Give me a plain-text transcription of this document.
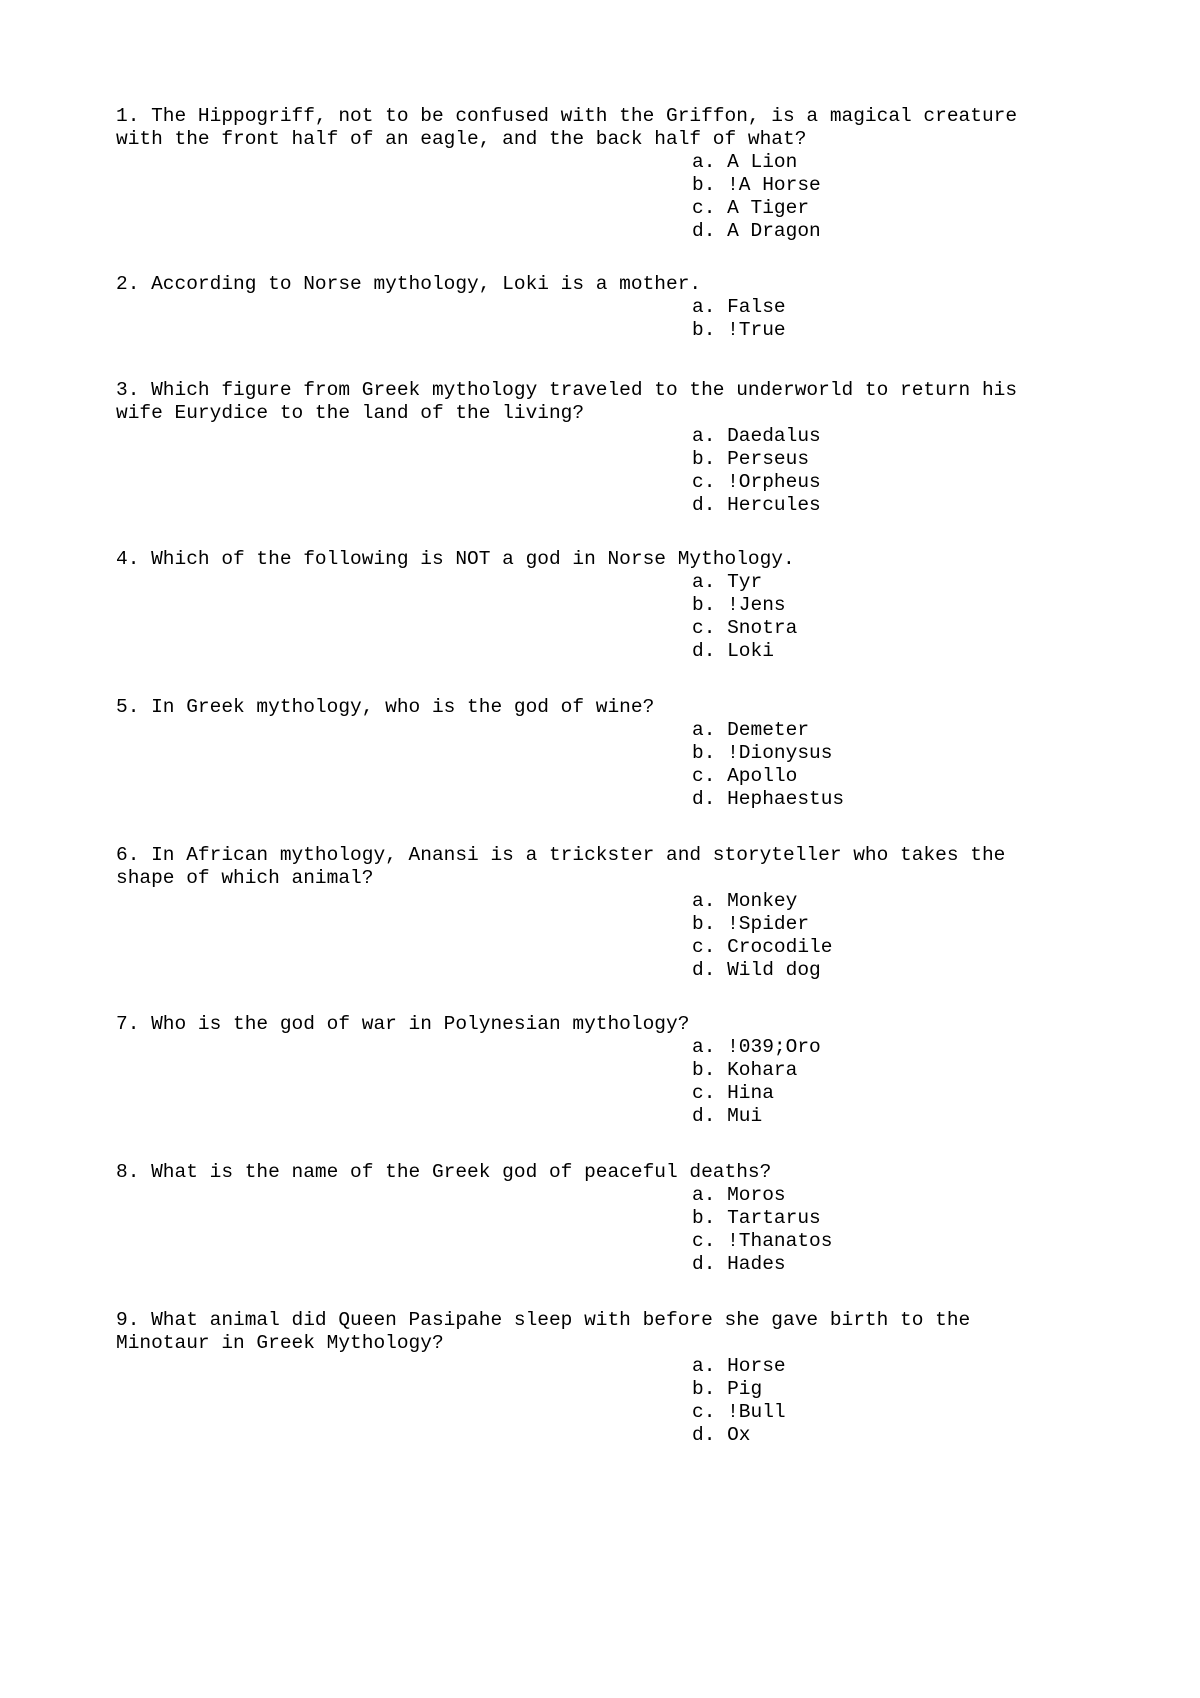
1. The Hippogriff, not to be confused with the Griffon, is a magical creature
with the front half of an eagle, and the back half of what?
a. A Lion
b. !A Horse
c. A Tiger
d. A Dragon
2. According to Norse mythology, Loki is a mother.
a. False
b. !True
3. Which figure from Greek mythology traveled to the underworld to return his
wife Eurydice to the land of the living?
a. Daedalus
b. Perseus
c. !Orpheus
d. Hercules
4. Which of the following is NOT a god in Norse Mythology.
a. Tyr
b. !Jens
c. Snotra
d. Loki
5. In Greek mythology, who is the god of wine?
a. Demeter
b. !Dionysus
c. Apollo
d. Hephaestus
6. In African mythology, Anansi is a trickster and storyteller who takes the
shape of which animal?
a. Monkey
b. !Spider
c. Crocodile
d. Wild dog
7. Who is the god of war in Polynesian mythology?
a. !039;Oro
b. Kohara
c. Hina
d. Mui
8. What is the name of the Greek god of peaceful deaths?
a. Moros
b. Tartarus
c. !Thanatos
d. Hades
9. What animal did Queen Pasipahe sleep with before she gave birth to the
Minotaur in Greek Mythology?
a. Horse
b. Pig
c. !Bull
d. Ox
